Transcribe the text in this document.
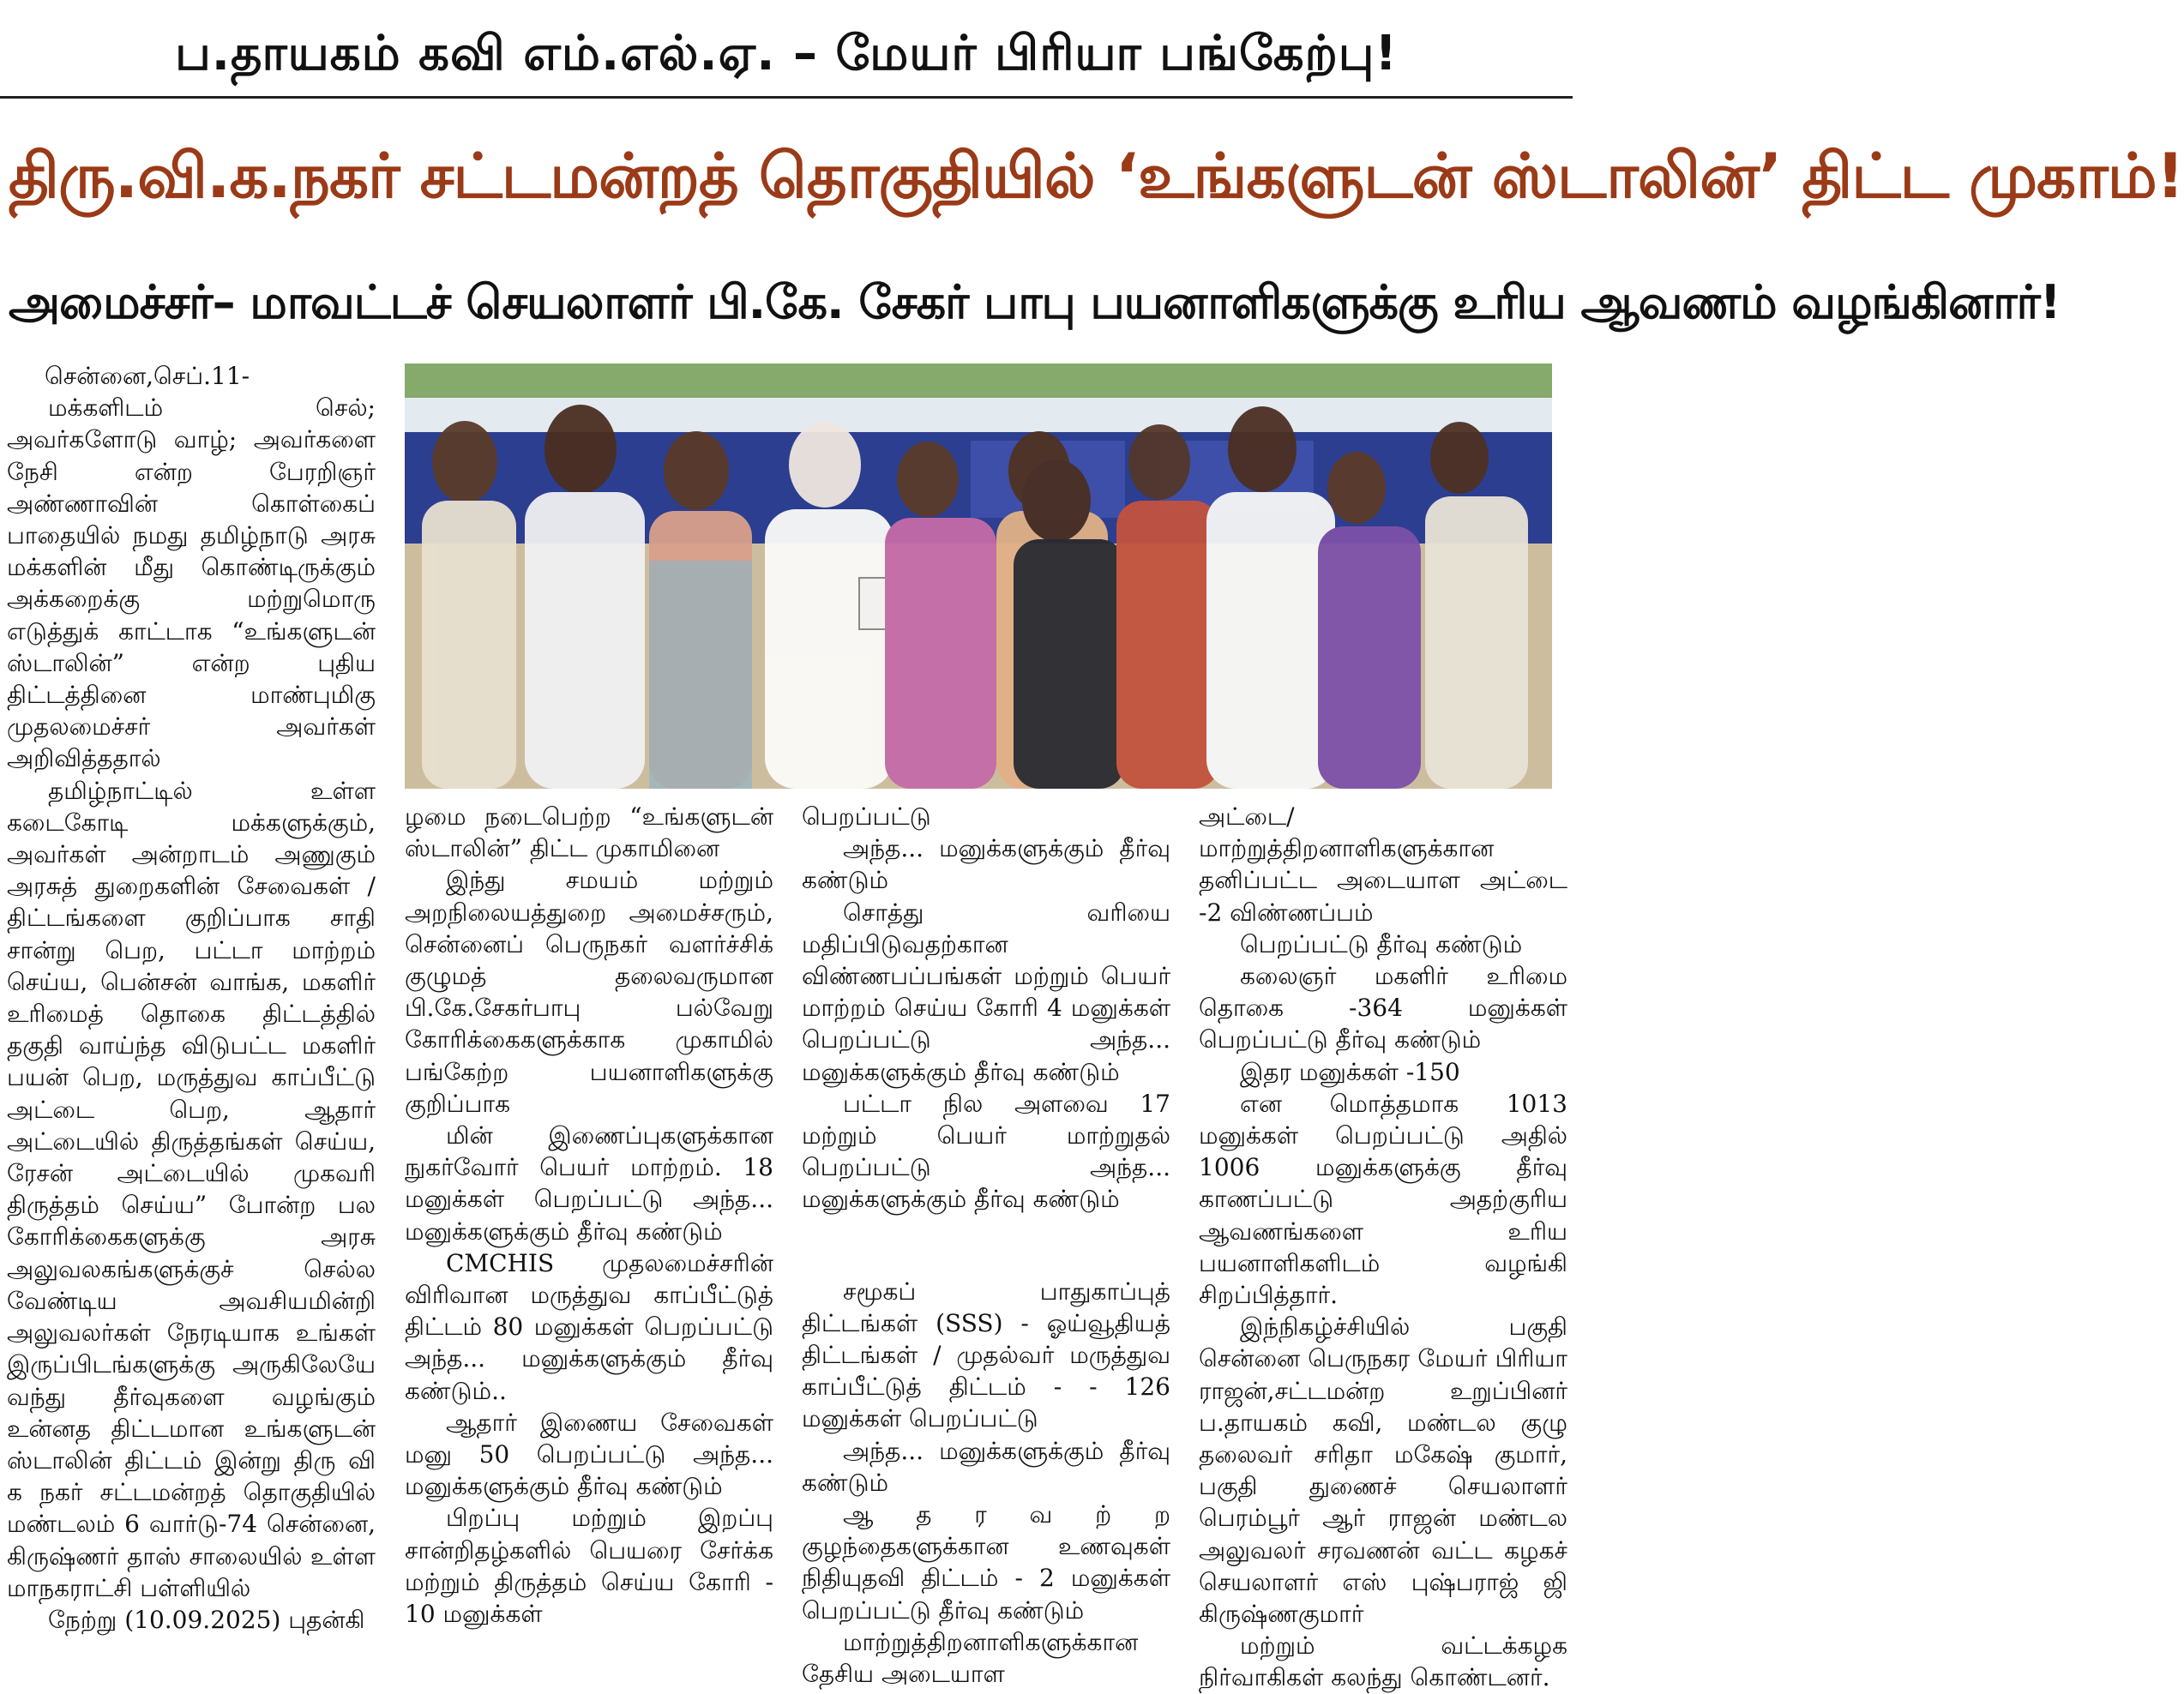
ப.தாயகம் கவி எம்.எல்.ஏ. – மேயர் பிரியா பங்கேற்பு!
திரு.வி.க.நகர் சட்டமன்றத் தொகுதியில் ‘உங்களுடன் ஸ்டாலின்’ திட்ட முகாம்!
அமைச்சர்– மாவட்டச் செயலாளர் பி.கே. சேகர் பாபு பயனாளிகளுக்கு உரிய ஆவணம் வழங்கினார்!

சென்னை,செப்.11-

மக்களிடம் செல்; அவர்களோடு வாழ்; அவர்களை நேசி என்ற பேரறிஞர் அண்ணாவின் கொள்கைப் பாதையில் நமது தமிழ்நாடு அரசு மக்களின் மீது கொண்டிருக்கும் அக்கறைக்கு மற்றுமொரு எடுத்துக் காட்டாக “உங்களுடன் ஸ்டாலின்” என்ற புதிய திட்டத்தினை மாண்புமிகு முதலமைச்சர் அவர்கள் அறிவித்ததால்

தமிழ்நாட்டில் உள்ள கடைகோடி மக்களுக்கும், அவர்கள் அன்றாடம் அணுகும் அரசுத் துறைகளின் சேவைகள் /திட்டங்களை குறிப்பாக சாதி சான்று பெற, பட்டா மாற்றம் செய்ய, பென்சன் வாங்க, மகளிர் உரிமைத் தொகை திட்டத்தில் தகுதி வாய்ந்த விடுபட்ட மகளிர் பயன் பெற, மருத்துவ காப்பீட்டு அட்டை பெற, ஆதார் அட்டையில் திருத்தங்கள் செய்ய, ரேசன் அட்டையில் முகவரி திருத்தம் செய்ய” போன்ற பல கோரிக்கைகளுக்கு அரசு அலுவலகங்களுக்குச் செல்ல வேண்டிய அவசியமின்றி அலுவலர்கள் நேரடியாக உங்கள் இருப்பிடங்களுக்கு அருகிலேயே வந்து தீர்வுகளை வழங்கும் உன்னத திட்டமான உங்களுடன் ஸ்டாலின் திட்டம் இன்று திரு வி க நகர் சட்டமன்றத் தொகுதியில் மண்டலம் 6 வார்டு-74 சென்னை, கிருஷ்ணர் தாஸ் சாலையில் உள்ள மாநகராட்சி பள்ளியில்

நேற்று (10.09.2025) புதன்கி

ழமை நடைபெற்ற “உங்களுடன் ஸ்டாலின்” திட்ட முகாமினை

இந்து சமயம் மற்றும் அறநிலையத்துறை அமைச்சரும், சென்னைப் பெருநகர் வளர்ச்சிக் குழுமத் தலைவருமான பி.கே.சேகர்பாபு பல்வேறு கோரிக்கைகளுக்காக முகாமில் பங்கேற்ற பயனாளிகளுக்கு குறிப்பாக

மின் இணைப்புகளுக்கான நுகர்வோர் பெயர் மாற்றம். 18 மனுக்கள் பெறப்பட்டு அந்த... மனுக்களுக்கும் தீர்வு கண்டும்

CMCHIS முதலமைச்சரின் விரிவான மருத்துவ காப்பீட்டுத் திட்டம் 80 மனுக்கள் பெறப்பட்டு அந்த... மனுக்களுக்கும் தீர்வு கண்டும்..

ஆதார் இணைய சேவைகள் மனு 50 பெறப்பட்டு அந்த... மனுக்களுக்கும் தீர்வு கண்டும்

பிறப்பு மற்றும் இறப்பு சான்றிதழ்களில் பெயரை சேர்க்க மற்றும் திருத்தம் செய்ய கோரி - 10 மனுக்கள்

பெறப்பட்டு

அந்த... மனுக்களுக்கும் தீர்வு கண்டும்

சொத்து வரியை மதிப்பிடுவதற்கான விண்ணபப்பங்கள் மற்றும் பெயர் மாற்றம் செய்ய கோரி 4 மனுக்கள் பெறப்பட்டு அந்த... மனுக்களுக்கும் தீர்வு கண்டும்

பட்டா நில அளவை 17 மற்றும் பெயர் மாற்றுதல் பெறப்பட்டு அந்த... மனுக்களுக்கும் தீர்வு கண்டும்

சமூகப் பாதுகாப்புத் திட்டங்கள் (SSS) - ஓய்வூதியத் திட்டங்கள் / முதல்வர் மருத்துவ காப்பீட்டுத் திட்டம் - - 126 மனுக்கள் பெறப்பட்டு

அந்த... மனுக்களுக்கும் தீர்வு கண்டும்

ஆ த ர வ ற் ற குழந்தைகளுக்கான உணவுகள் நிதியுதவி திட்டம் - 2 மனுக்கள் பெறப்பட்டு தீர்வு கண்டும்

மாற்றுத்திறனாளிகளுக்கான தேசிய அடையாள

அட்டை/ மாற்றுத்திறனாளிகளுக்கான தனிப்பட்ட அடையாள அட்டை -2 விண்ணப்பம்

பெறப்பட்டு தீர்வு கண்டும்

கலைஞர் மகளிர் உரிமை தொகை -364 மனுக்கள் பெறப்பட்டு தீர்வு கண்டும்

இதர மனுக்கள் -150

என மொத்தமாக 1013 மனுக்கள் பெறப்பட்டு அதில் 1006 மனுக்களுக்கு தீர்வு காணப்பட்டு அதற்குரிய ஆவணங்களை உரிய பயனாளிகளிடம் வழங்கி சிறப்பித்தார்.

இந்நிகழ்ச்சியில் பகுதி சென்னை பெருநகர மேயர் பிரியா ராஜன்,சட்டமன்ற உறுப்பினர் ப.தாயகம் கவி, மண்டல குழு தலைவர் சரிதா மகேஷ் குமார், பகுதி துணைச் செயலாளர் பெரம்பூர் ஆர் ராஜன் மண்டல அலுவலர் சரவணன் வட்ட கழகச் செயலாளர் எஸ் புஷ்பராஜ் ஜி கிருஷ்ணகுமார்

மற்றும் வட்டக்கழக நிர்வாகிகள் கலந்து கொண்டனர்.
